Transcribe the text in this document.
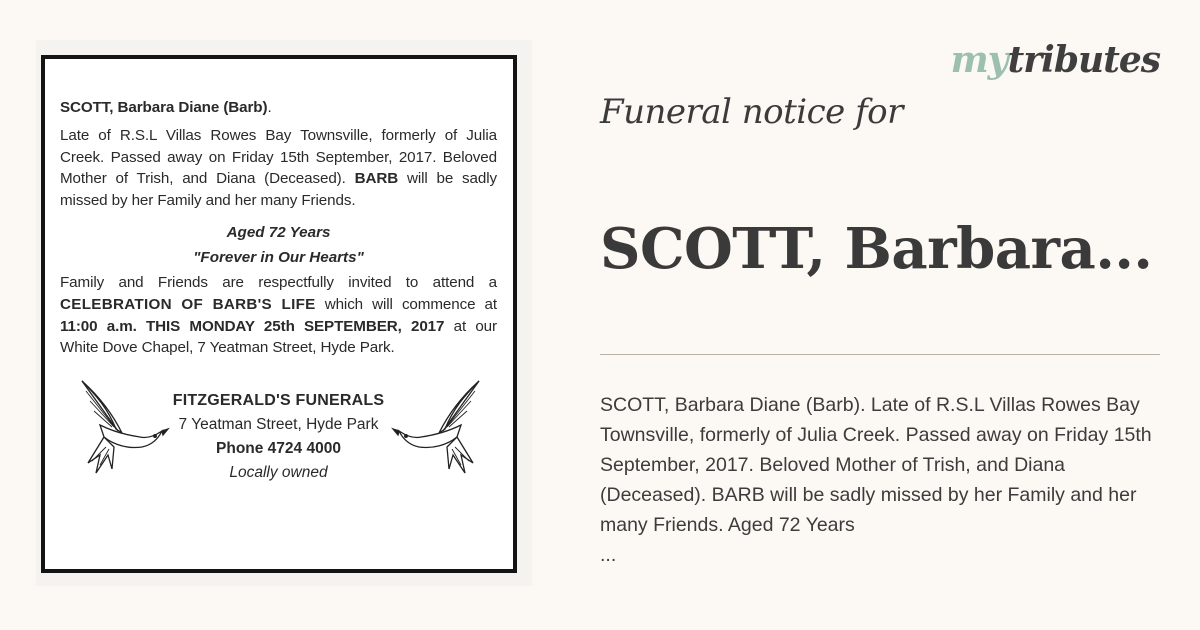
SCOTT, Barbara Diane (Barb).
Late of R.S.L Villas Rowes Bay Townsville, formerly of Julia Creek. Passed away on Friday 15th September, 2017. Beloved Mother of Trish, and Diana (Deceased). BARB will be sadly missed by her Family and her many Friends.
Aged 72 Years
"Forever in Our Hearts"
Family and Friends are respectfully invited to attend a CELEBRATION OF BARB'S LIFE which will commence at 11:00 a.m. THIS MONDAY 25th SEPTEMBER, 2017 at our White Dove Chapel, 7 Yeatman Street, Hyde Park.
FITZGERALD'S FUNERALS
7 Yeatman Street, Hyde Park
Phone 4724 4000
Locally owned
mytributes
Funeral notice for
SCOTT, Barbara...
SCOTT, Barbara Diane (Barb). Late of R.S.L Villas Rowes Bay Townsville, formerly of Julia Creek. Passed away on Friday 15th September, 2017. Beloved Mother of Trish, and Diana (Deceased). BARB will be sadly missed by her Family and her many Friends. Aged 72 Years
...
